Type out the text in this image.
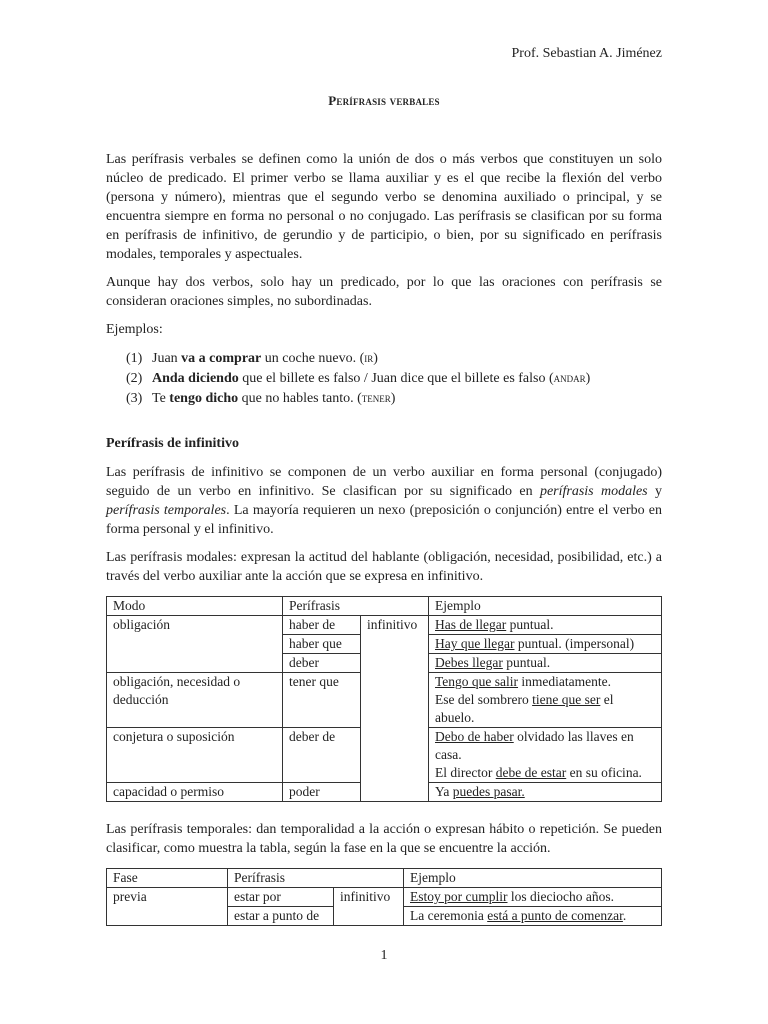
Prof. Sebastian A. Jiménez
Perífrasis verbales

Las perífrasis verbales se definen como la unión de dos o más verbos que constituyen un solo núcleo de predicado. El primer verbo se llama auxiliar y es el que recibe la flexión del verbo (persona y número), mientras que el segundo verbo se denomina auxiliado o principal, y se encuentra siempre en forma no personal o no conjugado. Las perífrasis se clasifican por su forma en perífrasis de infinitivo, de gerundio y de participio, o bien, por su significado en perífrasis modales, temporales y aspectuales.

Aunque hay dos verbos, solo hay un predicado, por lo que las oraciones con perífrasis se consideran oraciones simples, no subordinadas.

Ejemplos:

(1) Juan va a comprar un coche nuevo. (ir)
(2) Anda diciendo que el billete es falso / Juan dice que el billete es falso (andar)
(3) Te tengo dicho que no hables tanto. (tener)
Perífrasis de infinitivo

Las perífrasis de infinitivo se componen de un verbo auxiliar en forma personal (conjugado) seguido de un verbo en infinitivo. Se clasifican por su significado en perífrasis modales y perífrasis temporales. La mayoría requieren un nexo (preposición o conjunción) entre el verbo en forma personal y el infinitivo.

Las perífrasis modales: expresan la actitud del hablante (obligación, necesidad, posibilidad, etc.) a través del verbo auxiliar ante la acción que se expresa en infinitivo.

Modo	Perífrasis		Ejemplo
obligación	haber de	infinitivo	Has de llegar puntual.
	haber que		Hay que llegar puntual. (impersonal)
	deber		Debes llegar puntual.
obligación, necesidad o deducción	tener que		Tengo que salir inmediatamente.
Ese del sombrero tiene que ser el abuelo.
conjetura o suposición	deber de		Debo de haber olvidado las llaves en casa.
El director debe de estar en su oficina.
capacidad o permiso	poder		Ya puedes pasar.

Las perífrasis temporales: dan temporalidad a la acción o expresan hábito o repetición. Se pueden clasificar, como muestra la tabla, según la fase en la que se encuentre la acción.

Fase	Perífrasis		Ejemplo
previa	estar por	infinitivo	Estoy por cumplir los dieciocho años.
	estar a punto de		La ceremonia está a punto de comenzar.
1
